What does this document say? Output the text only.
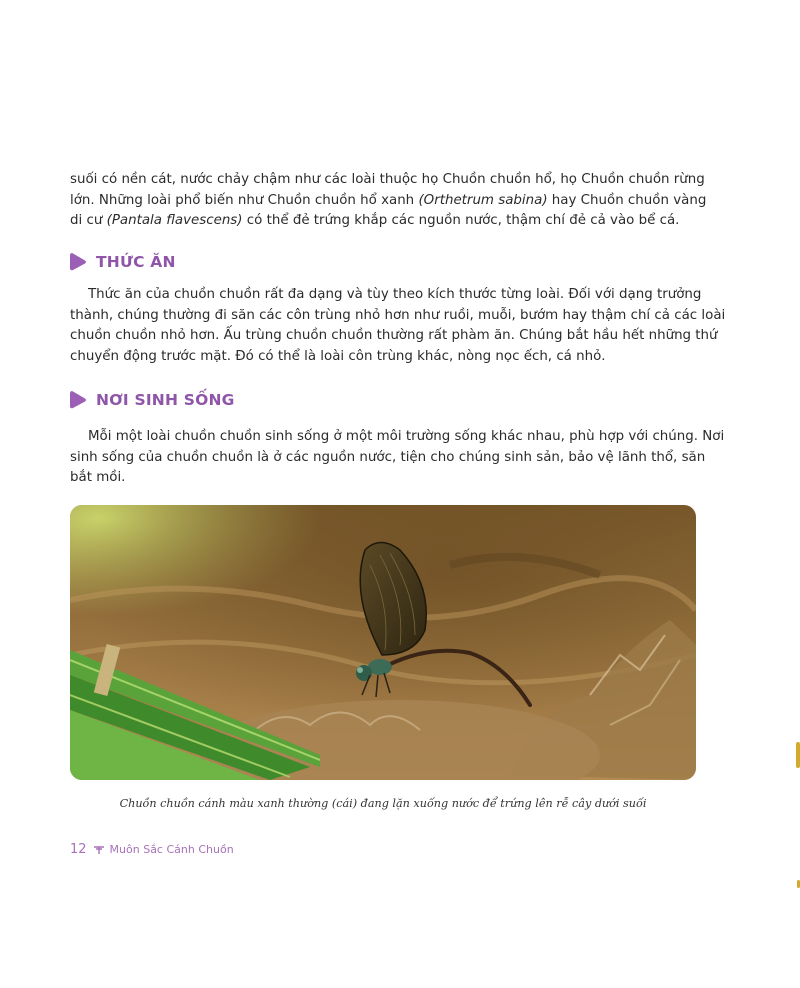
suối có nền cát, nước chảy chậm như các loài thuộc họ Chuồn chuồn hổ, họ Chuồn chuồn rừng
lớn. Những loài phổ biến như Chuồn chuồn hổ xanh (Orthetrum sabina) hay Chuồn chuồn vàng
di cư (Pantala flavescens) có thể đẻ trứng khắp các nguồn nước, thậm chí đẻ cả vào bể cá.

THỨC ĂN

Thức ăn của chuồn chuồn rất đa dạng và tùy theo kích thước từng loài. Đối với dạng trưởng
thành, chúng thường đi săn các côn trùng nhỏ hơn như ruồi, muỗi, bướm hay thậm chí cả các loài
chuồn chuồn nhỏ hơn. Ấu trùng chuồn chuồn thường rất phàm ăn. Chúng bắt hầu hết những thứ
chuyển động trước mặt. Đó có thể là loài côn trùng khác, nòng nọc ếch, cá nhỏ.

NƠI SINH SỐNG

Mỗi một loài chuồn chuồn sinh sống ở một môi trường sống khác nhau, phù hợp với chúng. Nơi
sinh sống của chuồn chuồn là ở các nguồn nước, tiện cho chúng sinh sản, bảo vệ lãnh thổ, săn
bắt mồi.

Chuồn chuồn cánh màu xanh thường (cái) đang lặn xuống nước để trứng lên rễ cây dưới suối
12 Muôn Sắc Cánh Chuồn
